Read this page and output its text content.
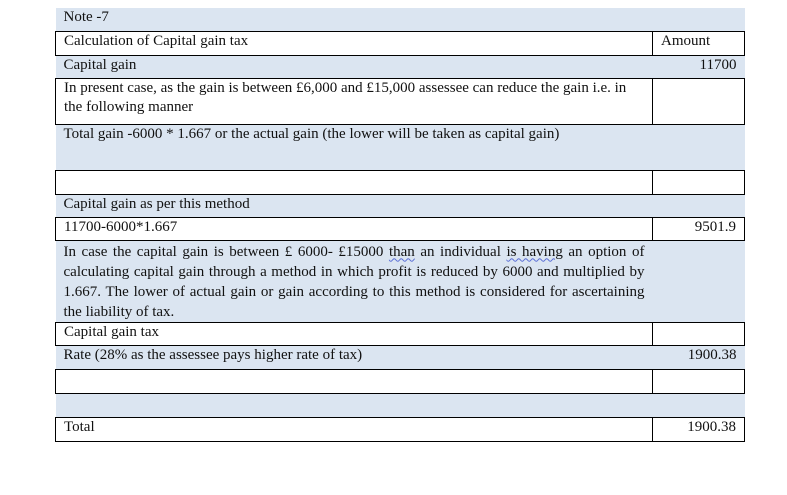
Note -7	
Calculation of Capital gain tax	Amount
Capital gain	11700
In present case, as the gain is between £6,000 and £15,000 assessee can reduce the gain i.e. in the following manner	
Total gain -6000 * 1.667 or the actual gain (the lower will be taken as capital gain)	

Capital gain as per this method	
11700-6000*1.667	9501.9
In case the capital gain is between £ 6000- £15000 than an individual is having an option of calculating capital gain through a method in which profit is reduced by 6000 and multiplied by 1.667. The lower of actual gain or gain according to this method is considered for ascertaining the liability of tax.	
Capital gain tax	
Rate (28% as the assessee pays higher rate of tax)	1900.38

Total	1900.38
